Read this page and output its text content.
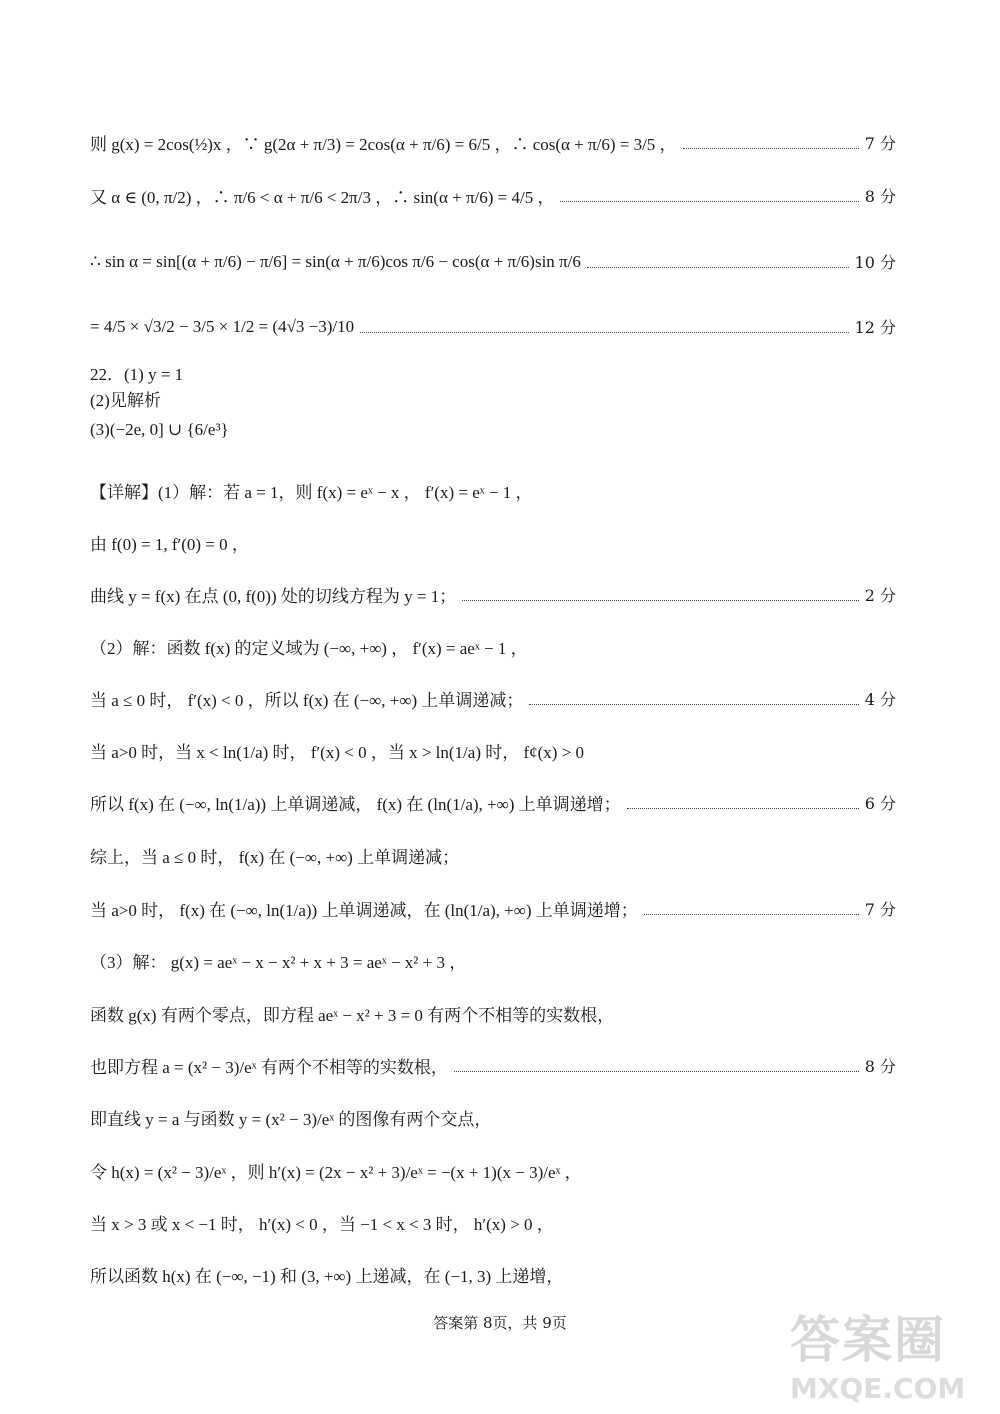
则 g(x) = 2cos(½)x ，∵ g(2α + π/3) = 2cos(α + π/6) = 6/5 ，∴ cos(α + π/6) = 3/5 ，	7 分
又 α ∈ (0, π/2) ，∴ π/6 < α + π/6 < 2π/3 ，∴ sin(α + π/6) = 4/5 ，	8 分
∴ sin α = sin[(α + π/6) − π/6] = sin(α + π/6)cos π/6 − cos(α + π/6)sin π/6	10 分
= 4/5 × √3/2 − 3/5 × 1/2 = (4√3 −3)/10	12 分
22．(1) y = 1
(2)见解析
(3)(−2e, 0] ∪ {6/e³}
【详解】(1）解：若 a = 1，则 f(x) = eˣ − x ， f′(x) = eˣ − 1 ，
由 f(0) = 1, f′(0) = 0 ，
曲线 y = f(x) 在点 (0, f(0)) 处的切线方程为 y = 1；	2 分
（2）解：函数 f(x) 的定义域为 (−∞, +∞) ， f′(x) = aeˣ − 1 ，
当 a ≤ 0 时， f′(x) < 0 ，所以 f(x) 在 (−∞, +∞) 上单调递减；	4 分
当 a>0 时，当 x < ln(1/a) 时， f′(x) < 0 ，当 x > ln(1/a) 时， f¢(x) > 0
所以 f(x) 在 (−∞, ln(1/a)) 上单调递减， f(x) 在 (ln(1/a), +∞) 上单调递增；	6 分
综上，当 a ≤ 0 时， f(x) 在 (−∞, +∞) 上单调递减；
当 a>0 时， f(x) 在 (−∞, ln(1/a)) 上单调递减，在 (ln(1/a), +∞) 上单调递增；	7 分
（3）解： g(x) = aeˣ − x − x² + x + 3 = aeˣ − x² + 3 ，
函数 g(x) 有两个零点，即方程 aeˣ − x² + 3 = 0 有两个不相等的实数根，
也即方程 a = (x² − 3)/eˣ 有两个不相等的实数根，	8 分
即直线 y = a 与函数 y = (x² − 3)/eˣ 的图像有两个交点，
令 h(x) = (x² − 3)/eˣ ，则 h′(x) = (2x − x² + 3)/eˣ = −(x + 1)(x − 3)/eˣ ，
当 x > 3 或 x < −1 时， h′(x) < 0 ，当 −1 < x < 3 时， h′(x) > 0 ，
所以函数 h(x) 在 (−∞, −1) 和 (3, +∞) 上递减，在 (−1, 3) 上递增，
答案第 8页，共 9页	答案圈
MXQE.COM
